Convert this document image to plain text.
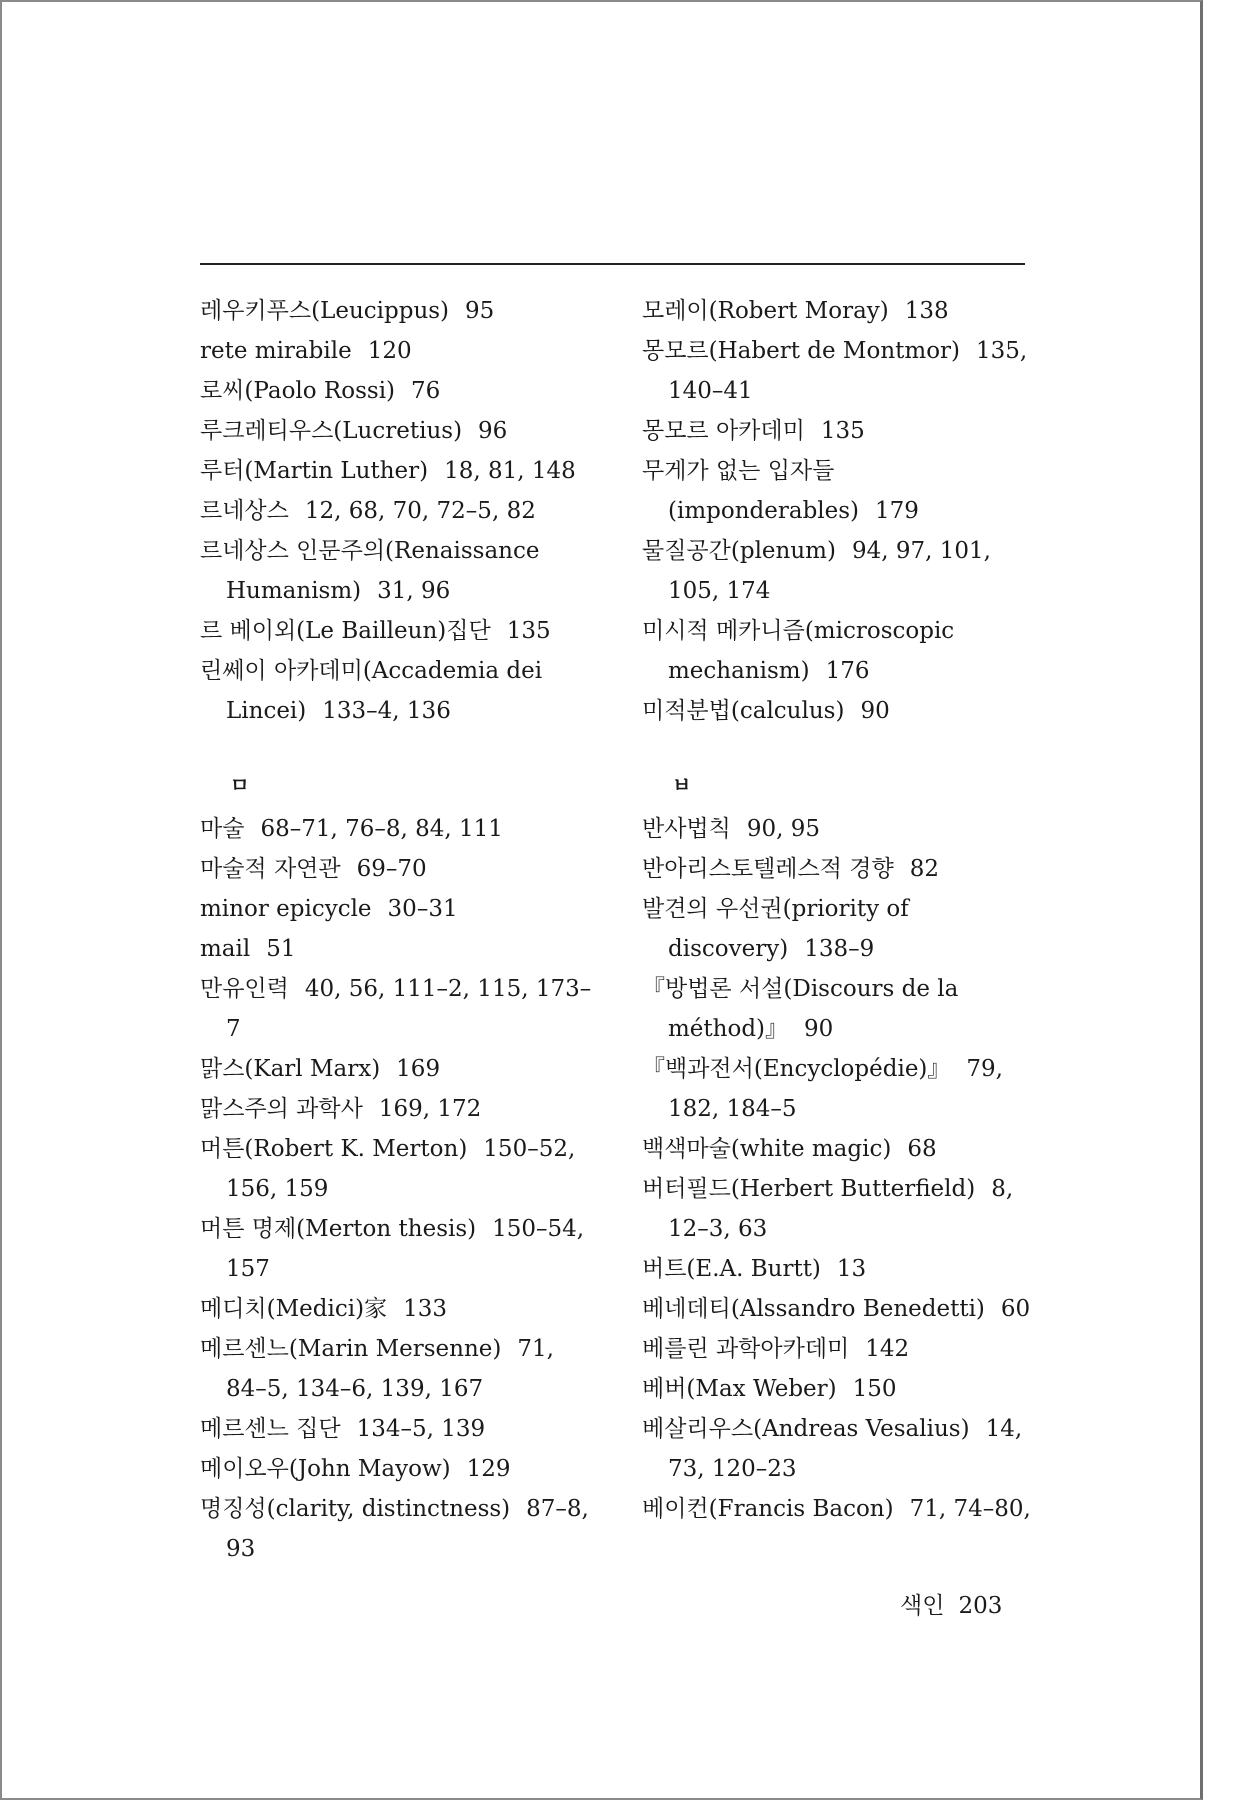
레우키푸스(Leucippus) 95
rete mirabile 120
로씨(Paolo Rossi) 76
루크레티우스(Lucretius) 96
루터(Martin Luther) 18, 81, 148
르네상스 12, 68, 70, 72–5, 82
르네상스 인문주의(Renaissance Humanism) 31, 96
르 베이외(Le Bailleun)집단 135
린쎄이 아카데미(Accademia dei Lincei) 133–4, 136
ㅁ
마술 68–71, 76–8, 84, 111
마술적 자연관 69–70
minor epicycle 30–31
mail 51
만유인력 40, 56, 111–2, 115, 173–7
맑스(Karl Marx) 169
맑스주의 과학사 169, 172
머튼(Robert K. Merton) 150–52, 156, 159
머튼 명제(Merton thesis) 150–54, 157
메디치(Medici)家 133
메르센느(Marin Mersenne) 71, 84–5, 134–6, 139, 167
메르센느 집단 134–5, 139
메이오우(John Mayow) 129
명징성(clarity, distinctness) 87–8, 93
모레이(Robert Moray) 138
몽모르(Habert de Montmor) 135, 140–41
몽모르 아카데미 135
무게가 없는 입자들(imponderables) 179
물질공간(plenum) 94, 97, 101, 105, 174
미시적 메카니즘(microscopic mechanism) 176
미적분법(calculus) 90
ㅂ
반사법칙 90, 95
반아리스토텔레스적 경향 82
발견의 우선권(priority of discovery) 138–9
『방법론 서설(Discours de la méthod)』 90
『백과전서(Encyclopédie)』 79, 182, 184–5
백색마술(white magic) 68
버터필드(Herbert Butterfield) 8, 12–3, 63
버트(E.A. Burtt) 13
베네데티(Alssandro Benedetti) 60
베를린 과학아카데미 142
베버(Max Weber) 150
베살리우스(Andreas Vesalius) 14, 73, 120–23
베이컨(Francis Bacon) 71, 74–80,
색인 203
